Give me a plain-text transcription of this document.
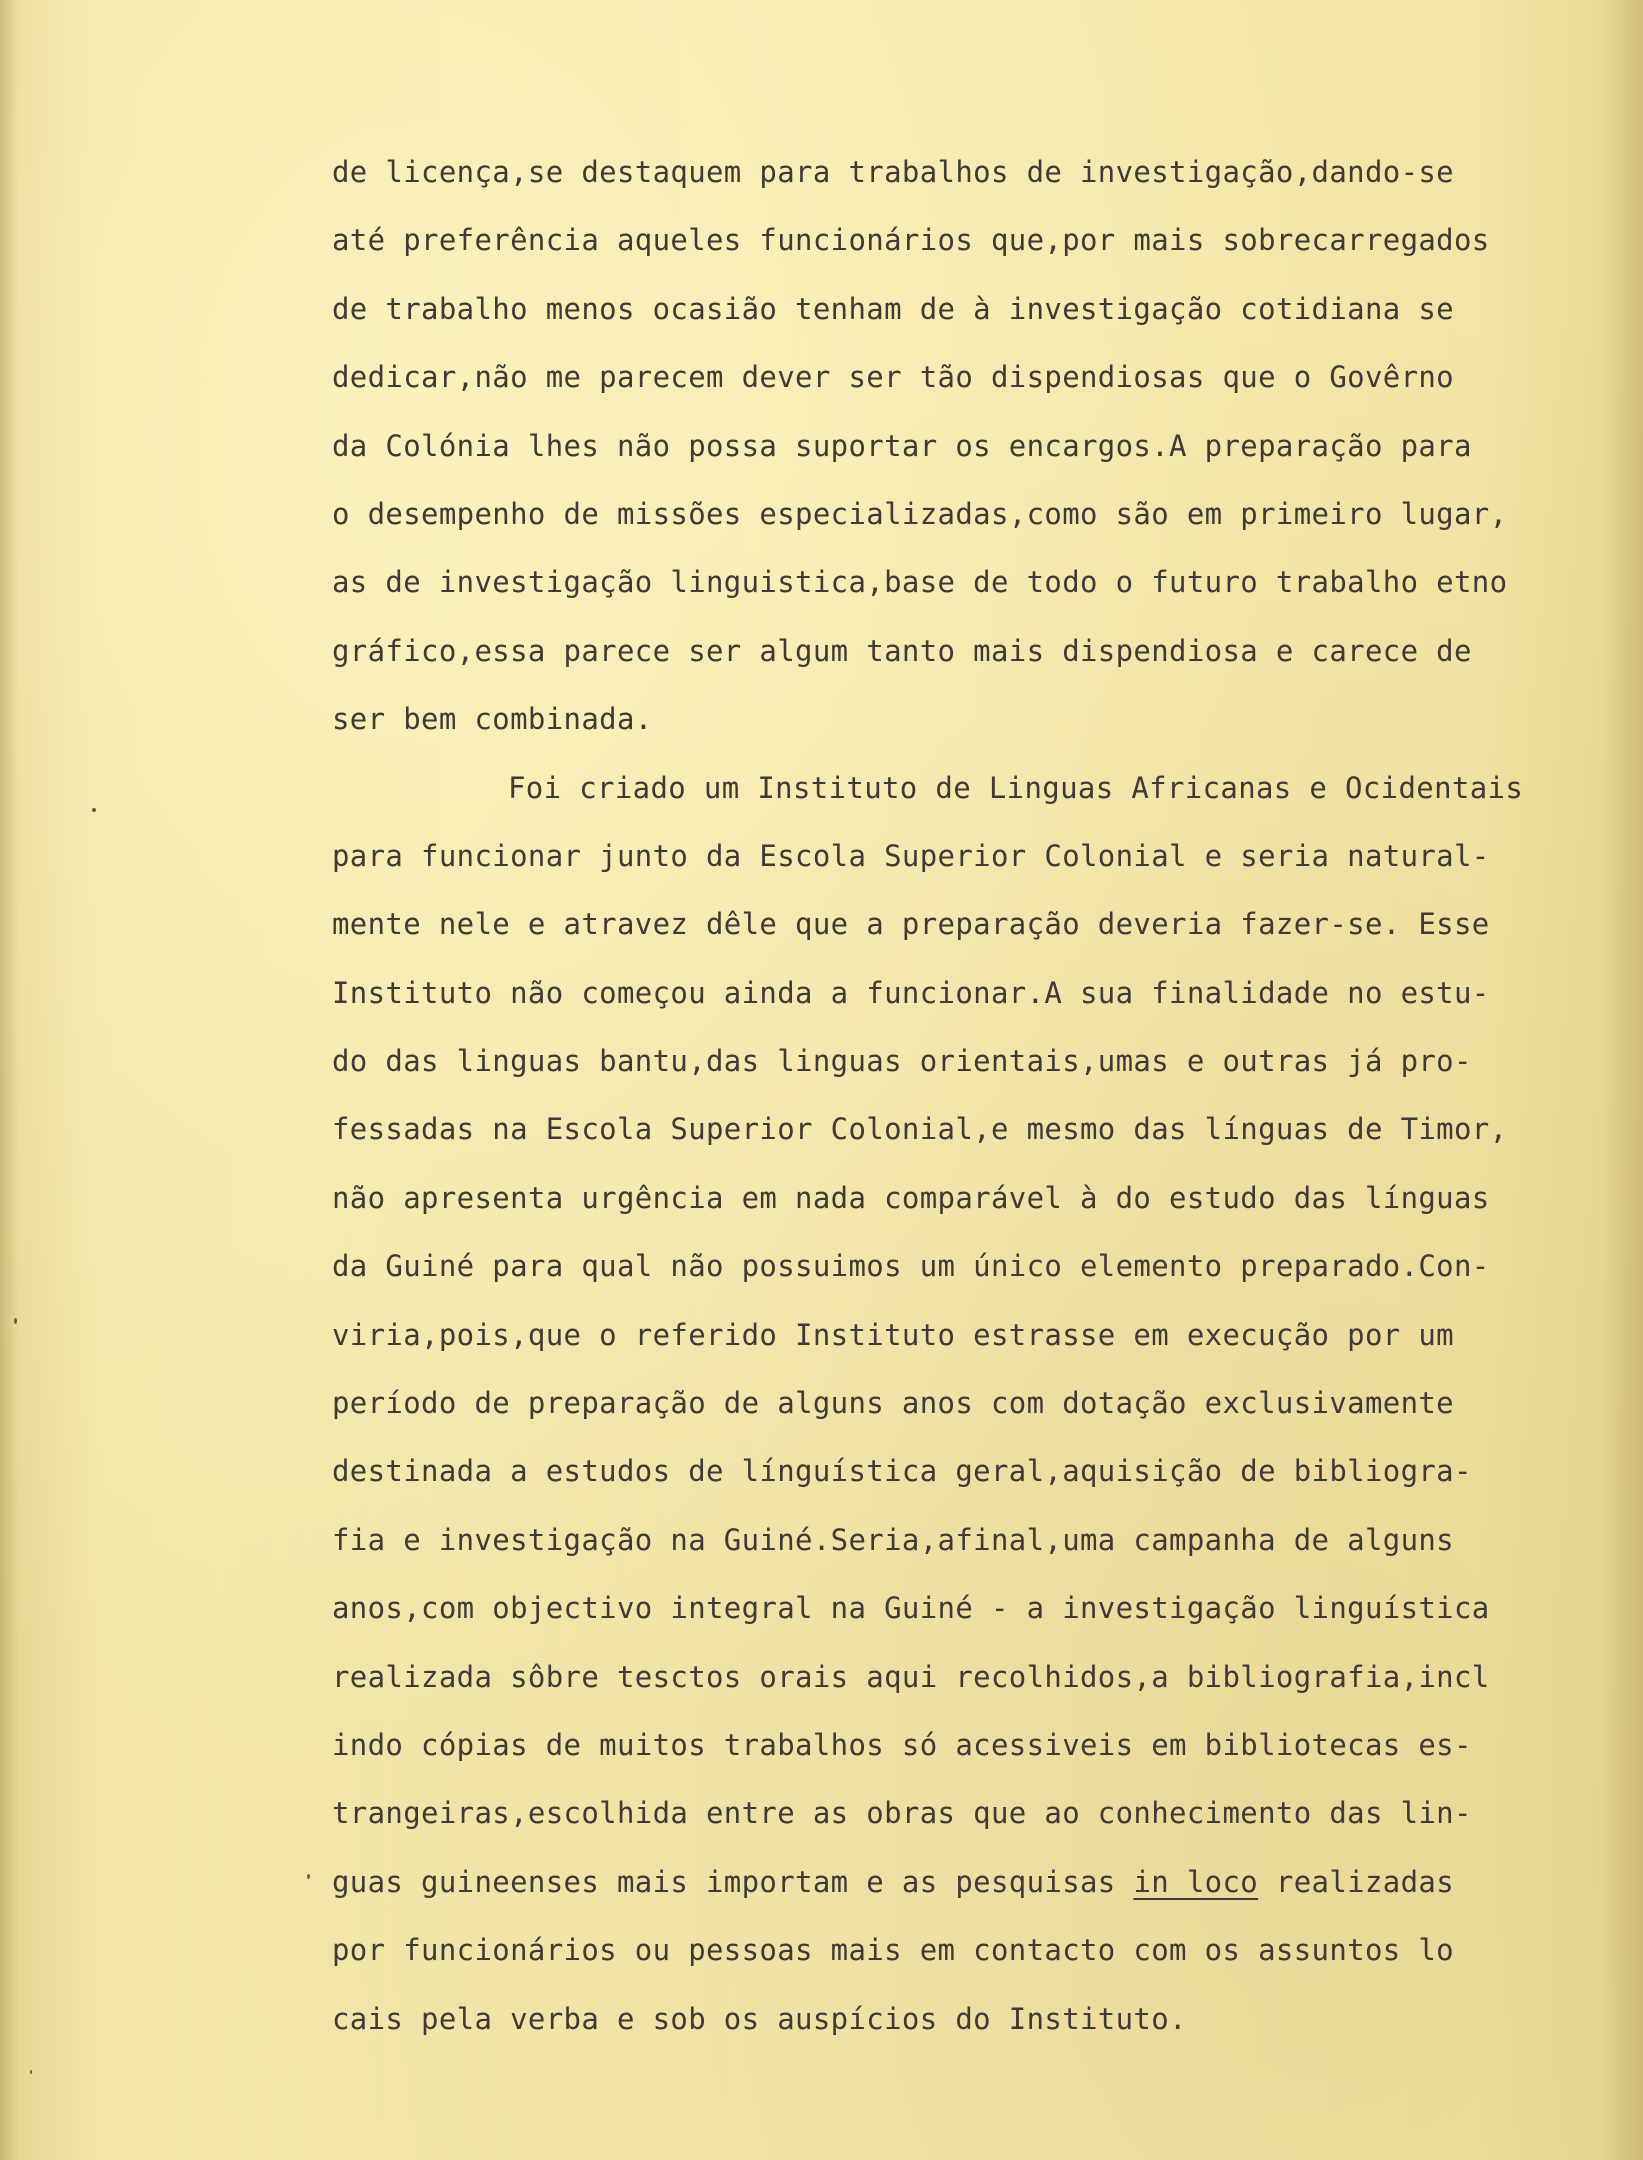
de licença,se destaquem para trabalhos de investigação,dando-se
até preferência aqueles funcionários que,por mais sobrecarregados
de trabalho menos ocasião tenham de à investigação cotidiana se
dedicar,não me parecem dever ser tão dispendiosas que o Govêrno
da Colónia lhes não possa suportar os encargos.A preparação para
o desempenho de missões especializadas,como são em primeiro lugar,
as de investigação linguistica,base de todo o futuro trabalho etno
gráfico,essa parece ser algum tanto mais dispendiosa e carece de
ser bem combinada.
Foi criado um Instituto de Linguas Africanas e Ocidentais
para funcionar junto da Escola Superior Colonial e seria natural-
mente nele e atravez dêle que a preparação deveria fazer-se. Esse
Instituto não começou ainda a funcionar.A sua finalidade no estu-
do das linguas bantu,das linguas orientais,umas e outras já pro-
fessadas na Escola Superior Colonial,e mesmo das línguas de Timor,
não apresenta urgência em nada comparável à do estudo das línguas
da Guiné para qual não possuimos um único elemento preparado.Con-
viria,pois,que o referido Instituto estrasse em execução por um
período de preparação de alguns anos com dotação exclusivamente
destinada a estudos de línguística geral,aquisição de bibliogra-
fia e investigação na Guiné.Seria,afinal,uma campanha de alguns
anos,com objectivo integral na Guiné - a investigação linguística
realizada sôbre tesctos orais aqui recolhidos,a bibliografia,incl
indo cópias de muitos trabalhos só acessiveis em bibliotecas es-
trangeiras,escolhida entre as obras que ao conhecimento das lin-
guas guineenses mais importam e as pesquisas in loco realizadas
por funcionários ou pessoas mais em contacto com os assuntos lo
cais pela verba e sob os auspícios do Instituto.
